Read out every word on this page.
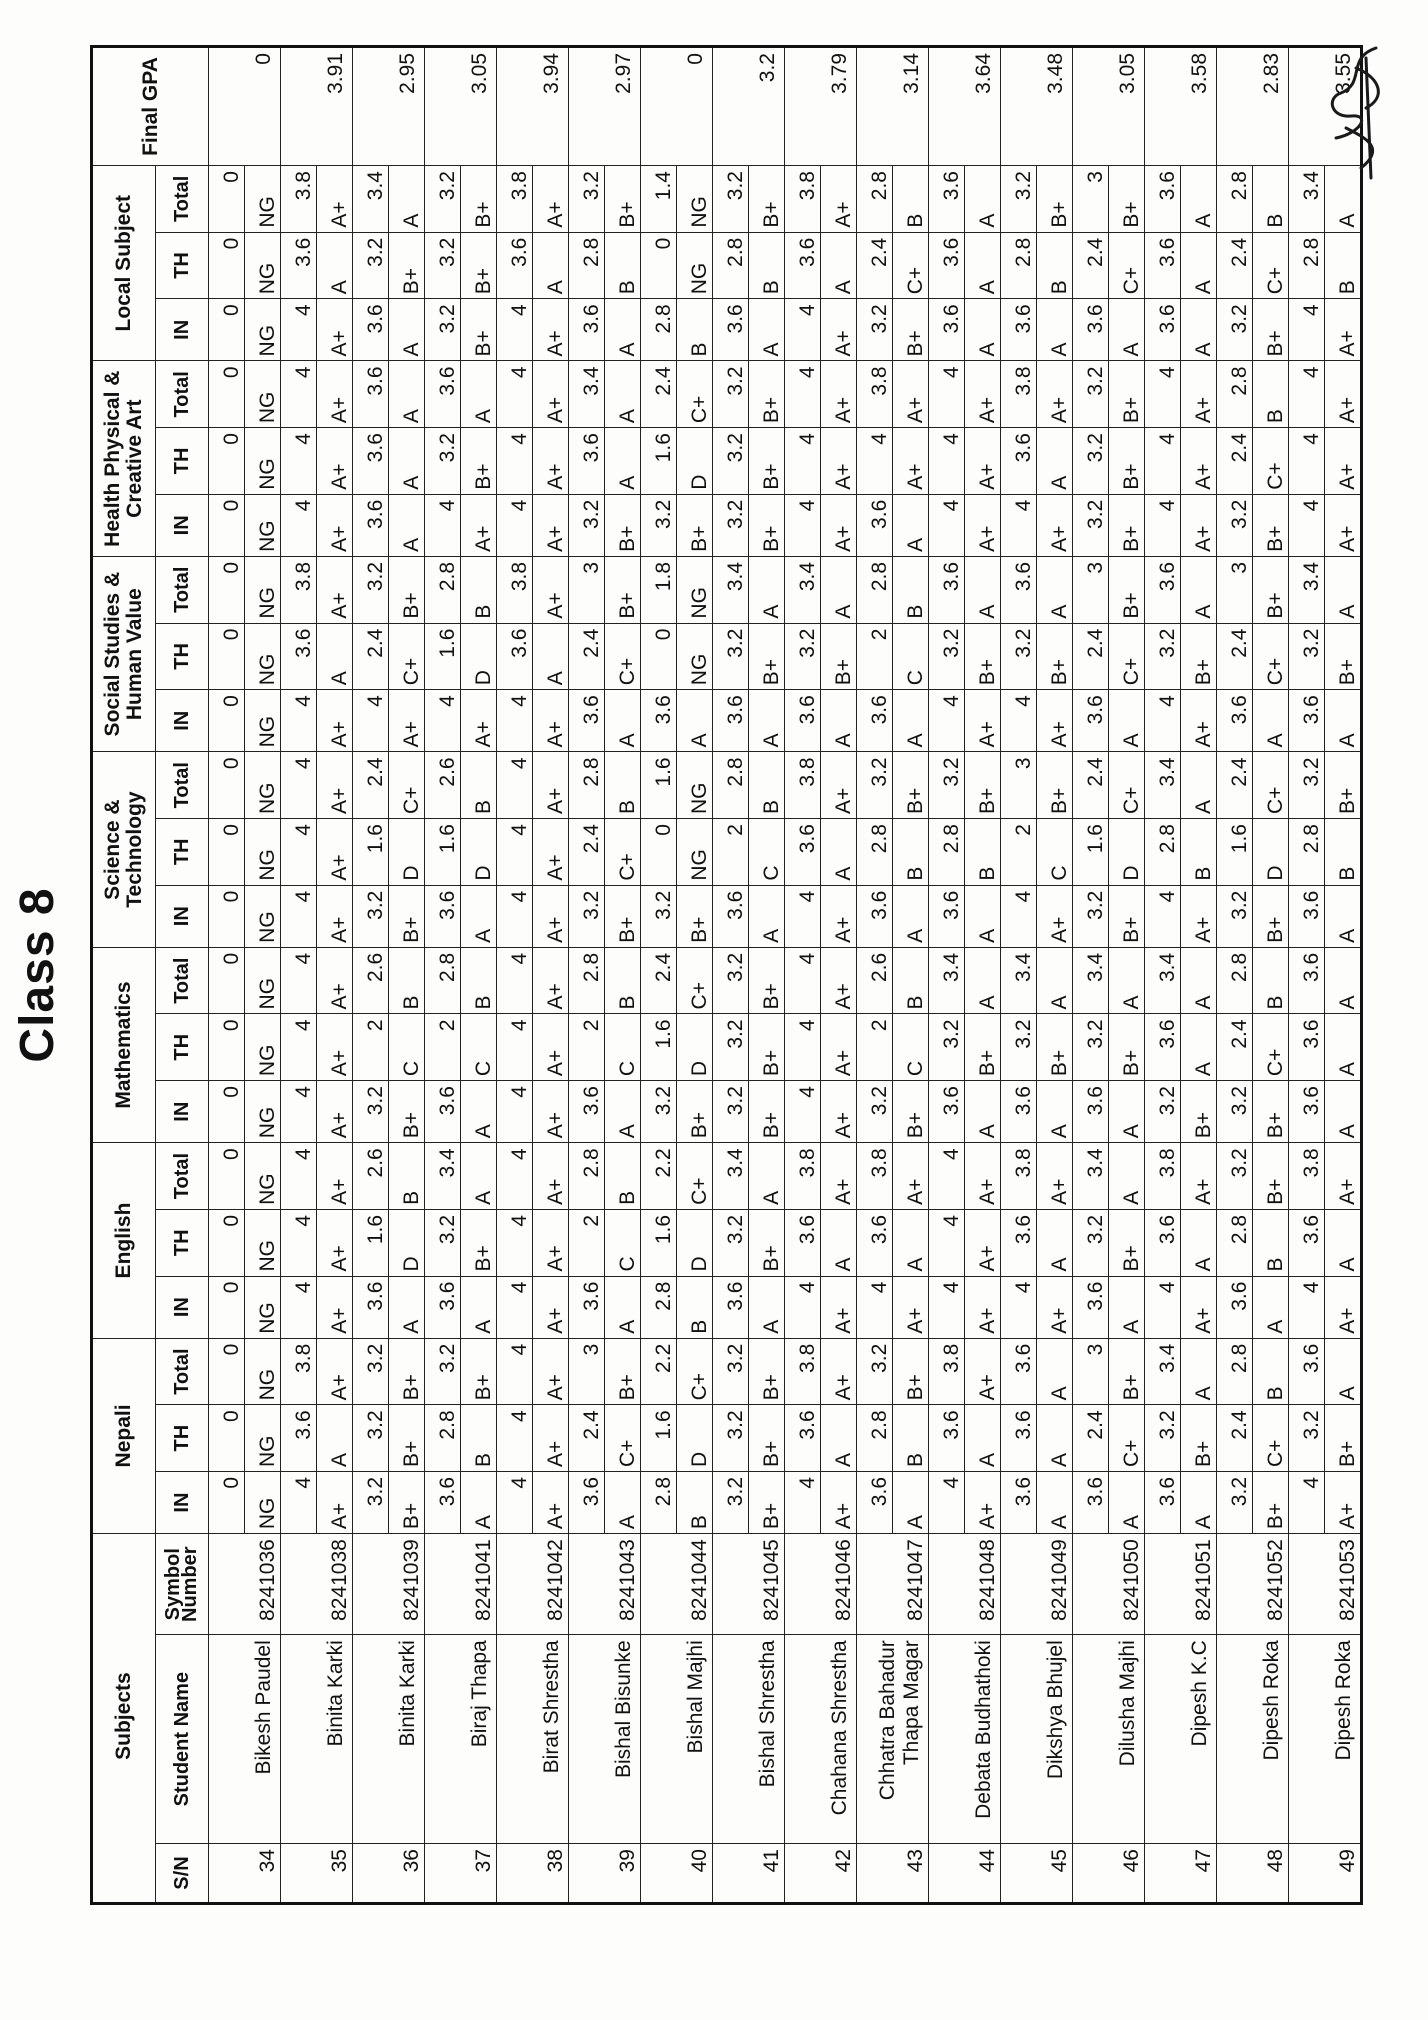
Class 8
Subjects			Nepali			English			Mathematics			Science & Technology			Social Studies & Human Value			Health Physical & Creative Art			Local Subject			Final GPA
S/N	Student Name	Symbol Number	IN	TH	Total	IN	TH	Total	IN	TH	Total	IN	TH	Total	IN	TH	Total	IN	TH	Total	IN	TH	Total	
34	Bikesh Paudel	8241036	0	0	0	0	0	0	0	0	0	0	0	0	0	0	0	0	0	0	0	0	0	0
			NG	NG	NG	NG	NG	NG	NG	NG	NG	NG	NG	NG	NG	NG	NG	NG	NG	NG	NG	NG	NG	
35	Binita Karki	8241038	4	3.6	3.8	4	4	4	4	4	4	4	4	4	4	3.6	3.8	4	4	4	4	3.6	3.8	3.91
			A+	A	A+	A+	A+	A+	A+	A+	A+	A+	A+	A+	A+	A	A+	A+	A+	A+	A+	A	A+	
36	Binita Karki	8241039	3.2	3.2	3.2	3.6	1.6	2.6	3.2	2	2.6	3.2	1.6	2.4	4	2.4	3.2	3.6	3.6	3.6	3.6	3.2	3.4	2.95
			B+	B+	B+	A	D	B	B+	C	B	B+	D	C+	A+	C+	B+	A	A	A	A	B+	A	
37	Biraj Thapa	8241041	3.6	2.8	3.2	3.6	3.2	3.4	3.6	2	2.8	3.6	1.6	2.6	4	1.6	2.8	4	3.2	3.6	3.2	3.2	3.2	3.05
			A	B	B+	A	B+	A	A	C	B	A	D	B	A+	D	B	A+	B+	A	B+	B+	B+	
38	Birat Shrestha	8241042	4	4	4	4	4	4	4	4	4	4	4	4	4	3.6	3.8	4	4	4	4	3.6	3.8	3.94
			A+	A+	A+	A+	A+	A+	A+	A+	A+	A+	A+	A+	A+	A	A+	A+	A+	A+	A+	A	A+	
39	Bishal Bisunke	8241043	3.6	2.4	3	3.6	2	2.8	3.6	2	2.8	3.2	2.4	2.8	3.6	2.4	3	3.2	3.6	3.4	3.6	2.8	3.2	2.97
			A	C+	B+	A	C	B	A	C	B	B+	C+	B	A	C+	B+	B+	A	A	A	B	B+	
40	Bishal Majhi	8241044	2.8	1.6	2.2	2.8	1.6	2.2	3.2	1.6	2.4	3.2	0	1.6	3.6	0	1.8	3.2	1.6	2.4	2.8	0	1.4	0
			B	D	C+	B	D	C+	B+	D	C+	B+	NG	NG	A	NG	NG	B+	D	C+	B	NG	NG	
41	Bishal Shrestha	8241045	3.2	3.2	3.2	3.6	3.2	3.4	3.2	3.2	3.2	3.6	2	2.8	3.6	3.2	3.4	3.2	3.2	3.2	3.6	2.8	3.2	3.2
			B+	B+	B+	A	B+	A	B+	B+	B+	A	C	B	A	B+	A	B+	B+	B+	A	B	B+	
42	Chahana Shrestha	8241046	4	3.6	3.8	4	3.6	3.8	4	4	4	4	3.6	3.8	3.6	3.2	3.4	4	4	4	4	3.6	3.8	3.79
			A+	A	A+	A+	A	A+	A+	A+	A+	A+	A	A+	A	B+	A	A+	A+	A+	A+	A	A+	
43	Chhatra Bahadur Thapa Magar	8241047	3.6	2.8	3.2	4	3.6	3.8	3.2	2	2.6	3.6	2.8	3.2	3.6	2	2.8	3.6	4	3.8	3.2	2.4	2.8	3.14
			A	B	B+	A+	A	A+	B+	C	B	A	B	B+	A	C	B	A	A+	A+	B+	C+	B	
44	Debata Budhathoki	8241048	4	3.6	3.8	4	4	4	3.6	3.2	3.4	3.6	2.8	3.2	4	3.2	3.6	4	4	4	3.6	3.6	3.6	3.64
			A+	A	A+	A+	A+	A+	A	B+	A	A	B	B+	A+	B+	A	A+	A+	A+	A	A	A	
45	Dikshya Bhujel	8241049	3.6	3.6	3.6	4	3.6	3.8	3.6	3.2	3.4	4	2	3	4	3.2	3.6	4	3.6	3.8	3.6	2.8	3.2	3.48
			A	A	A	A+	A	A+	A	B+	A	A+	C	B+	A+	B+	A	A+	A	A+	A	B	B+	
46	Dilusha Majhi	8241050	3.6	2.4	3	3.6	3.2	3.4	3.6	3.2	3.4	3.2	1.6	2.4	3.6	2.4	3	3.2	3.2	3.2	3.6	2.4	3	3.05
			A	C+	B+	A	B+	A	A	B+	A	B+	D	C+	A	C+	B+	B+	B+	B+	A	C+	B+	
47	Dipesh K.C	8241051	3.6	3.2	3.4	4	3.6	3.8	3.2	3.6	3.4	4	2.8	3.4	4	3.2	3.6	4	4	4	3.6	3.6	3.6	3.58
			A	B+	A	A+	A	A+	B+	A	A	A+	B	A	A+	B+	A	A+	A+	A+	A	A	A	
48	Dipesh Roka	8241052	3.2	2.4	2.8	3.6	2.8	3.2	3.2	2.4	2.8	3.2	1.6	2.4	3.6	2.4	3	3.2	2.4	2.8	3.2	2.4	2.8	2.83
			B+	C+	B	A	B	B+	B+	C+	B	B+	D	C+	A	C+	B+	B+	C+	B	B+	C+	B	
49	Dipesh Roka	8241053	4	3.2	3.6	4	3.6	3.8	3.6	3.6	3.6	3.6	2.8	3.2	3.6	3.2	3.4	4	4	4	4	2.8	3.4	3.55
			A+	B+	A	A+	A	A+	A	A	A	A	B	B+	A	B+	A	A+	A+	A+	A+	B	A	
